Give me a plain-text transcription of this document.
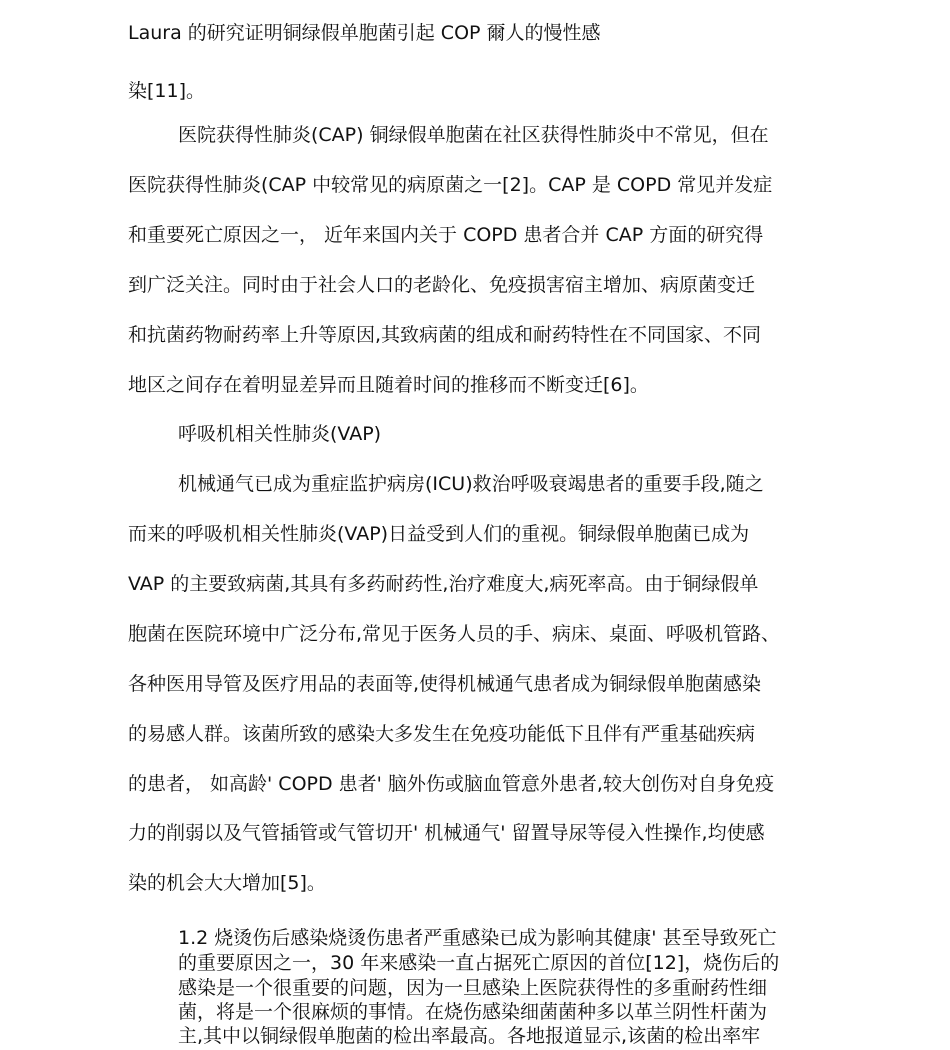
Laura 的研究证明铜绿假单胞菌引起 COP 爾人的慢性感
染[11]。
医院获得性肺炎(CAP) 铜绿假单胞菌在社区获得性肺炎中不常见，但在
医院获得性肺炎(CAP 中较常见的病原菌之一[2]。CAP 是 COPD 常见并发症
和重要死亡原因之一， 近年来国内关于 COPD 患者合并 CAP 方面的研究得
到广泛关注。同时由于社会人口的老龄化、免疫损害宿主增加、病原菌变迁
和抗菌药物耐药率上升等原因,其致病菌的组成和耐药特性在不同国家、不同
地区之间存在着明显差异而且随着时间的推移而不断变迁[6]。
呼吸机相关性肺炎(VAP)
机械通气已成为重症监护病房(ICU)救治呼吸衰竭患者的重要手段,随之
而来的呼吸机相关性肺炎(VAP)日益受到人们的重视。铜绿假单胞菌已成为
VAP 的主要致病菌,其具有多药耐药性,治疗难度大,病死率高。由于铜绿假单
胞菌在医院环境中广泛分布,常见于医务人员的手、病床、桌面、呼吸机管路、
各种医用导管及医疗用品的表面等,使得机械通气患者成为铜绿假单胞菌感染
的易感人群。该菌所致的感染大多发生在免疫功能低下且伴有严重基础疾病
的患者， 如高龄' COPD 患者' 脑外伤或脑血管意外患者,较大创伤对自身免疫
力的削弱以及气管插管或气管切开' 机械通气' 留置导尿等侵入性操作,均使感
染的机会大大增加[5]。
1.2 烧烫伤后感染烧烫伤患者严重感染已成为影响其健康' 甚至导致死亡
的重要原因之一，30 年来感染一直占据死亡原因的首位[12]，烧伤后的
感染是一个很重要的问题，因为一旦感染上医院获得性的多重耐药性细
菌，将是一个很麻烦的事情。在烧伤感染细菌菌种多以革兰阴性杆菌为
主,其中以铜绿假单胞菌的检出率最高。各地报道显示,该菌的检出率牢
